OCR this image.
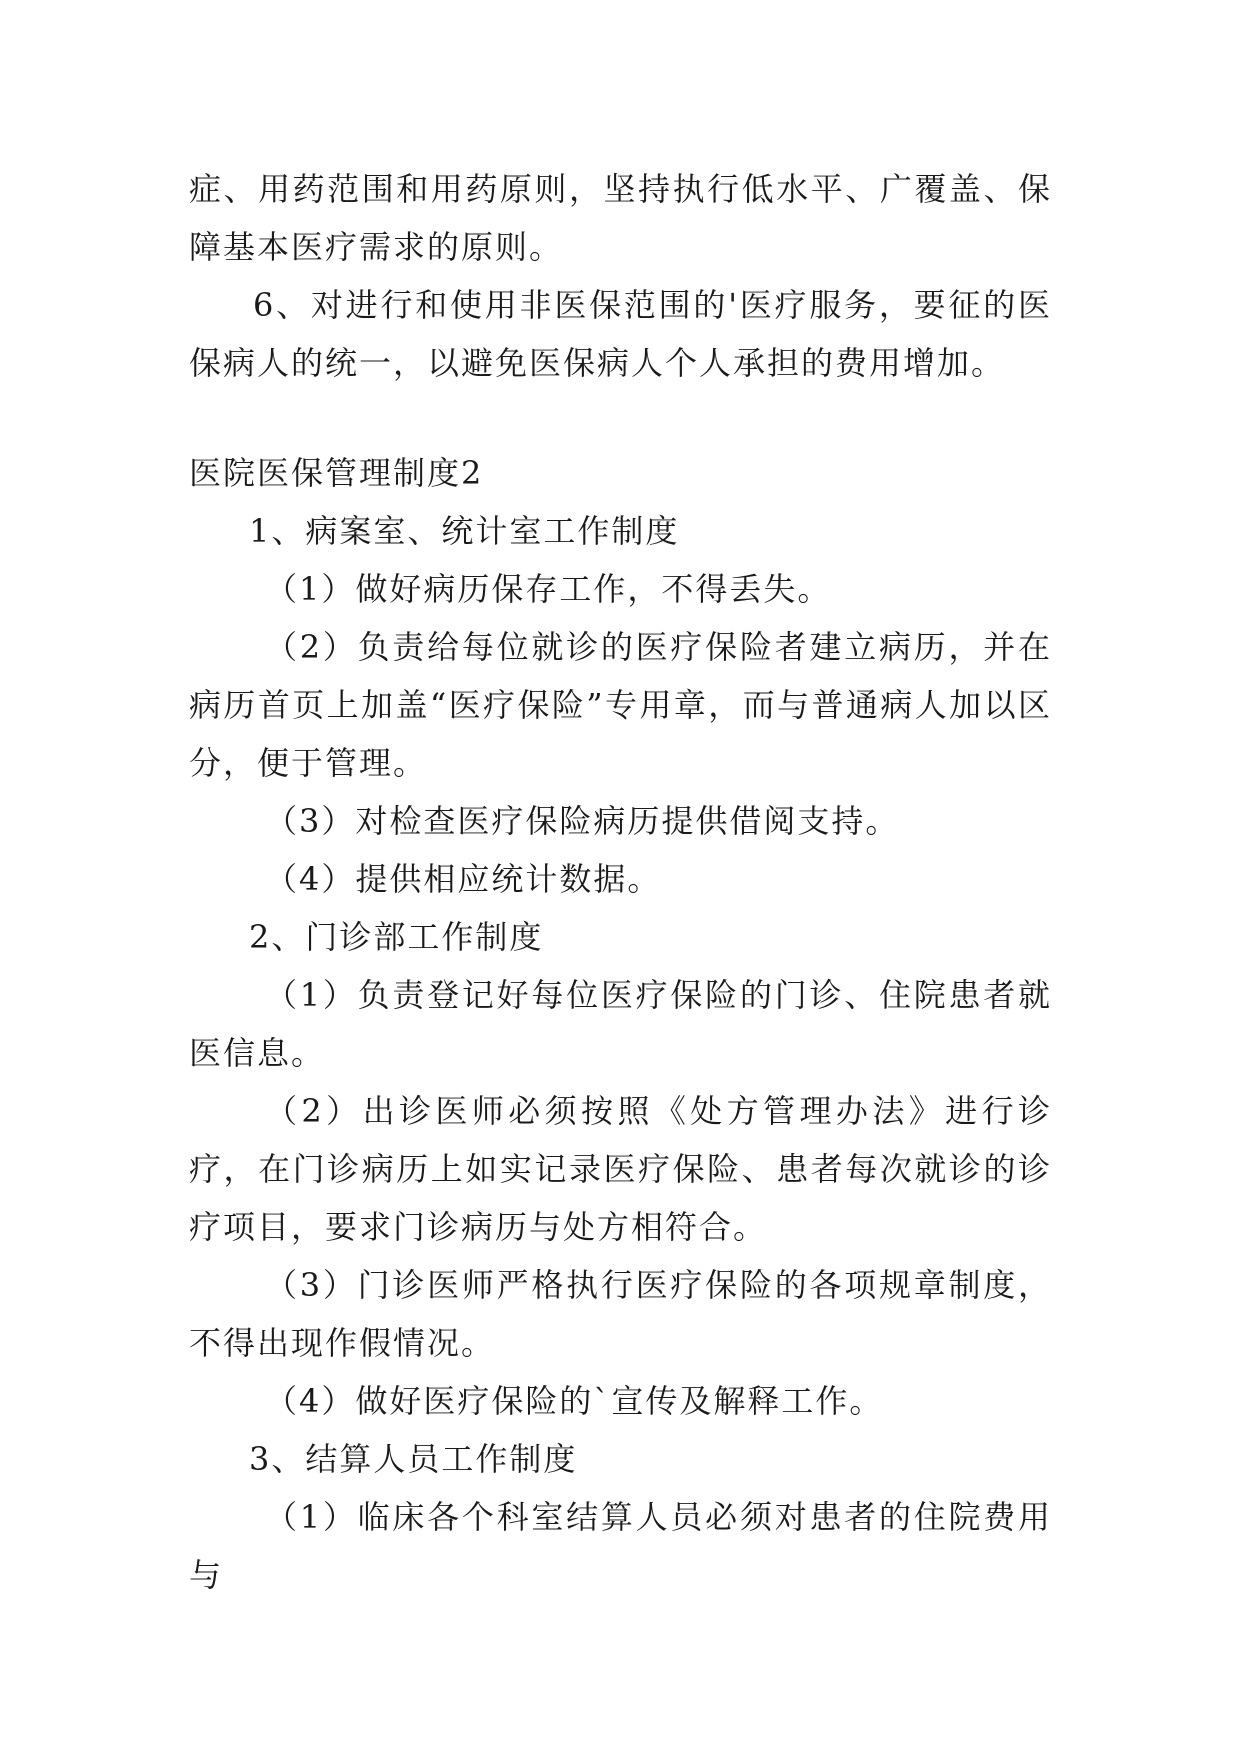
症、用药范围和用药原则，坚持执行低水平、广覆盖、保障基本医疗需求的原则。

6、对进行和使用非医保范围的'医疗服务，要征的医保病人的统一，以避免医保病人个人承担的费用增加。

医院医保管理制度2

1、病案室、统计室工作制度

（1）做好病历保存工作，不得丢失。

（2）负责给每位就诊的医疗保险者建立病历，并在病历首页上加盖“医疗保险”专用章，而与普通病人加以区分，便于管理。

（3）对检查医疗保险病历提供借阅支持。

（4）提供相应统计数据。

2、门诊部工作制度

（1）负责登记好每位医疗保险的门诊、住院患者就医信息。

（2）出诊医师必须按照《处方管理办法》进行诊疗，在门诊病历上如实记录医疗保险、患者每次就诊的诊疗项目，要求门诊病历与处方相符合。

（3）门诊医师严格执行医疗保险的各项规章制度，不得出现作假情况。

（4）做好医疗保险的`宣传及解释工作。

3、结算人员工作制度

（1）临床各个科室结算人员必须对患者的住院费用与
